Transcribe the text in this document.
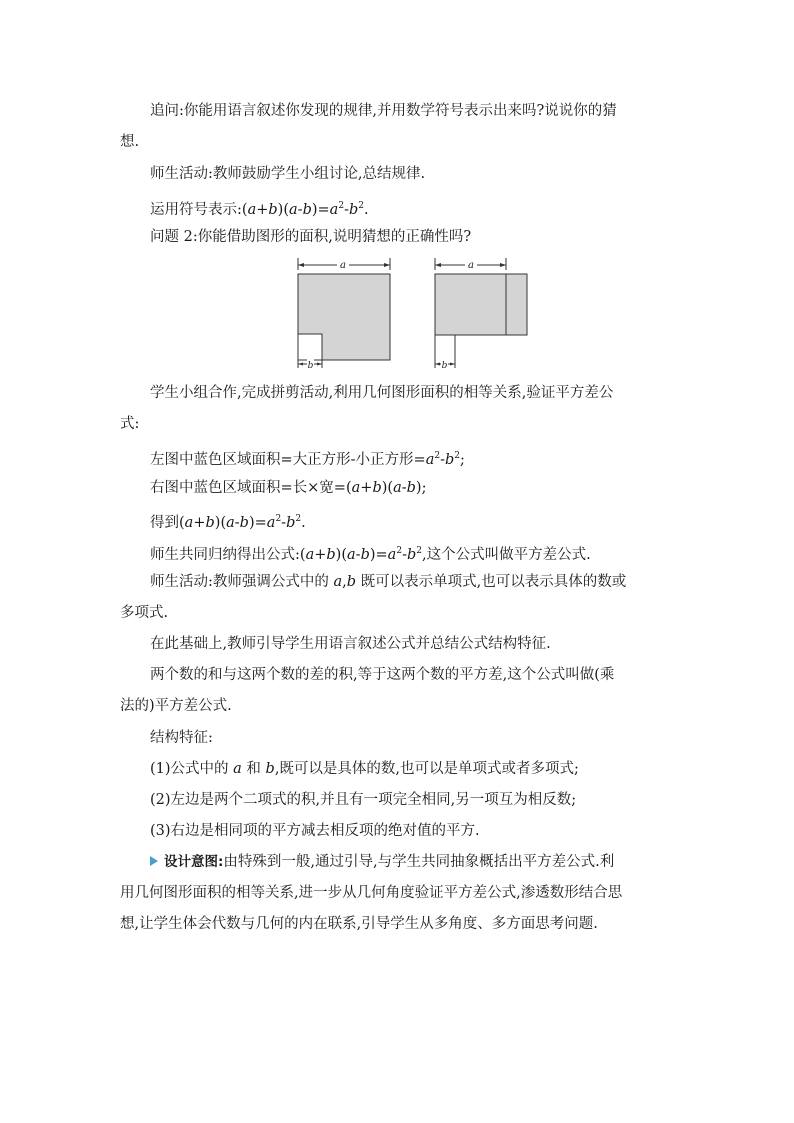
追问:你能用语言叙述你发现的规律,并用数学符号表示出来吗?说说你的猜
想.
师生活动:教师鼓励学生小组讨论,总结规律.
运用符号表示$:(a+b)(a-b)=a^2-b^2$.
问题 2:你能借助图形的面积,说明猜想的正确性吗?
a
b
a
b
学生小组合作,完成拼剪活动,利用几何图形面积的相等关系,验证平方差公
式:
左图中蓝色区域面积=大正方形-小正方形$=a^2-b^2$;
右图中蓝色区域面积=长×宽=(a+b)(a-b);
得到$(a+b)(a-b)=a^2-b^2$.
师生共同归纳得出公式$:(a+b)(a-b)=a^2-b^2$,这个公式叫做平方差公式.
师生活动:教师强调公式中的 a,b 既可以表示单项式,也可以表示具体的数或
多项式.
在此基础上,教师引导学生用语言叙述公式并总结公式结构特征.
两个数的和与这两个数的差的积,等于这两个数的平方差,这个公式叫做(乘
法的)平方差公式.
结构特征:
(1)公式中的 a 和 b,既可以是具体的数,也可以是单项式或者多项式;
(2)左边是两个二项式的积,并且有一项完全相同,另一项互为相反数;
(3)右边是相同项的平方减去相反项的绝对值的平方.
设计意图:由特殊到一般,通过引导,与学生共同抽象概括出平方差公式.利
用几何图形面积的相等关系,进一步从几何角度验证平方差公式,渗透数形结合思
想,让学生体会代数与几何的内在联系,引导学生从多角度、多方面思考问题.
